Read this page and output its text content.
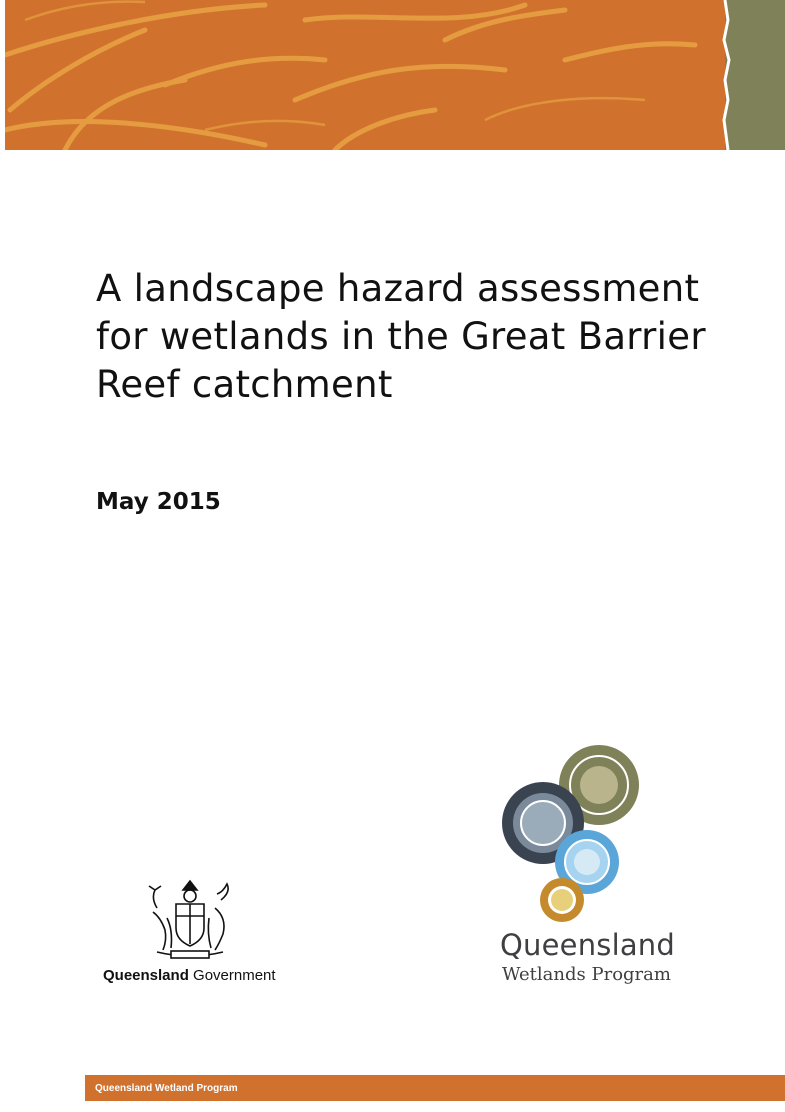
A landscape hazard assessment
for wetlands in the Great Barrier
Reef catchment

May 2015

Queensland Government
Queensland
Wetlands Program
Queensland Wetland Program
